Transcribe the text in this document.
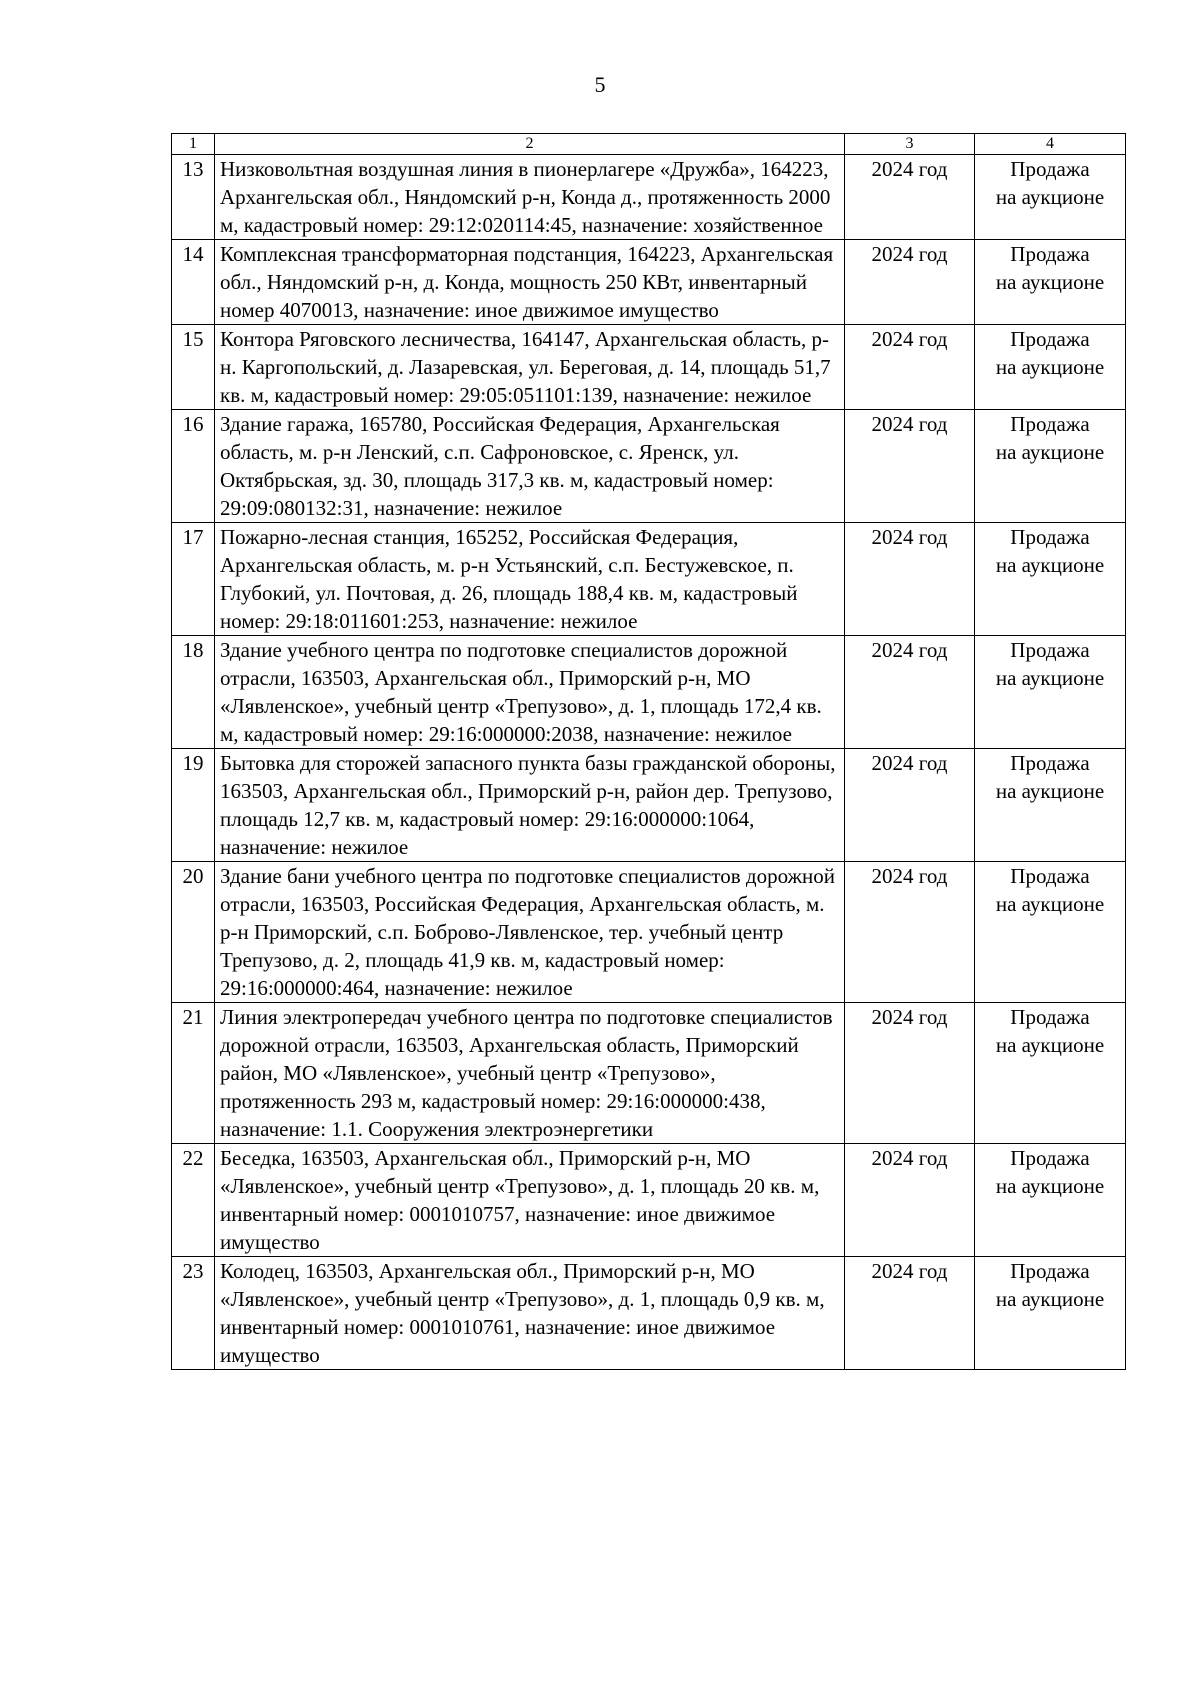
5
1	2	3	4
13	Низковольтная воздушная линия в пионерлагере «Дружба», 164223, Архангельская обл., Няндомский р-н, Конда д., протяженность 2000 м, кадастровый номер: 29:12:020114:45, назначение: хозяйственное	2024 год	Продажа
на аукционе

14	Комплексная трансформаторная подстанция, 164223, Архангельская обл., Няндомский р-н, д. Конда, мощность 250 КВт, инвентарный номер 4070013, назначение: иное движимое имущество	2024 год	Продажа
на аукционе

15	Контора Ряговского лесничества, 164147, Архангельская область, р-н. Каргопольский, д. Лазаревская, ул. Береговая, д. 14, площадь 51,7 кв. м, кадастровый номер: 29:05:051101:139, назначение: нежилое	2024 год	Продажа
на аукционе

16	Здание гаража, 165780, Российская Федерация, Архангельская область, м. р-н Ленский, с.п. Сафроновское, с. Яренск, ул. Октябрьская, зд. 30, площадь 317,3 кв. м, кадастровый номер: 29:09:080132:31, назначение: нежилое	2024 год	Продажа
на аукционе

17	Пожарно-лесная станция, 165252, Российская Федерация, Архангельская область, м. р-н Устьянский, с.п. Бестужевское, п. Глубокий, ул. Почтовая, д. 26, площадь 188,4 кв. м, кадастровый номер: 29:18:011601:253, назначение: нежилое	2024 год	Продажа
на аукционе

18	Здание учебного центра по подготовке специалистов дорожной отрасли, 163503, Архангельская обл., Приморский р-н, МО «Лявленское», учебный центр «Трепузово», д. 1, площадь 172,4 кв. м, кадастровый номер: 29:16:000000:2038, назначение: нежилое	2024 год	Продажа
на аукционе

19	Бытовка для сторожей запасного пункта базы гражданской обороны, 163503, Архангельская обл., Приморский р-н, район дер. Трепузово, площадь 12,7 кв. м, кадастровый номер: 29:16:000000:1064, назначение: нежилое	2024 год	Продажа
на аукционе

20	Здание бани учебного центра по подготовке специалистов дорожной отрасли, 163503, Российская Федерация, Архангельская область, м. р-н Приморский, с.п. Боброво-Лявленское, тер. учебный центр Трепузово, д. 2, площадь 41,9 кв. м, кадастровый номер: 29:16:000000:464, назначение: нежилое	2024 год	Продажа
на аукционе

21	Линия электропередач учебного центра по подготовке специалистов дорожной отрасли, 163503, Архангельская область, Приморский район, МО «Лявленское», учебный центр «Трепузово», протяженность 293 м, кадастровый номер: 29:16:000000:438, назначение: 1.1. Сооружения электроэнергетики	2024 год	Продажа
на аукционе

22	Беседка, 163503, Архангельская обл., Приморский р-н, МО «Лявленское», учебный центр «Трепузово», д. 1, площадь 20 кв. м, инвентарный номер: 0001010757, назначение: иное движимое имущество	2024 год	Продажа
на аукционе

23	Колодец, 163503, Архангельская обл., Приморский р-н, МО «Лявленское», учебный центр «Трепузово», д. 1, площадь 0,9 кв. м, инвентарный номер: 0001010761, назначение: иное движимое имущество	2024 год	Продажа
на аукционе
